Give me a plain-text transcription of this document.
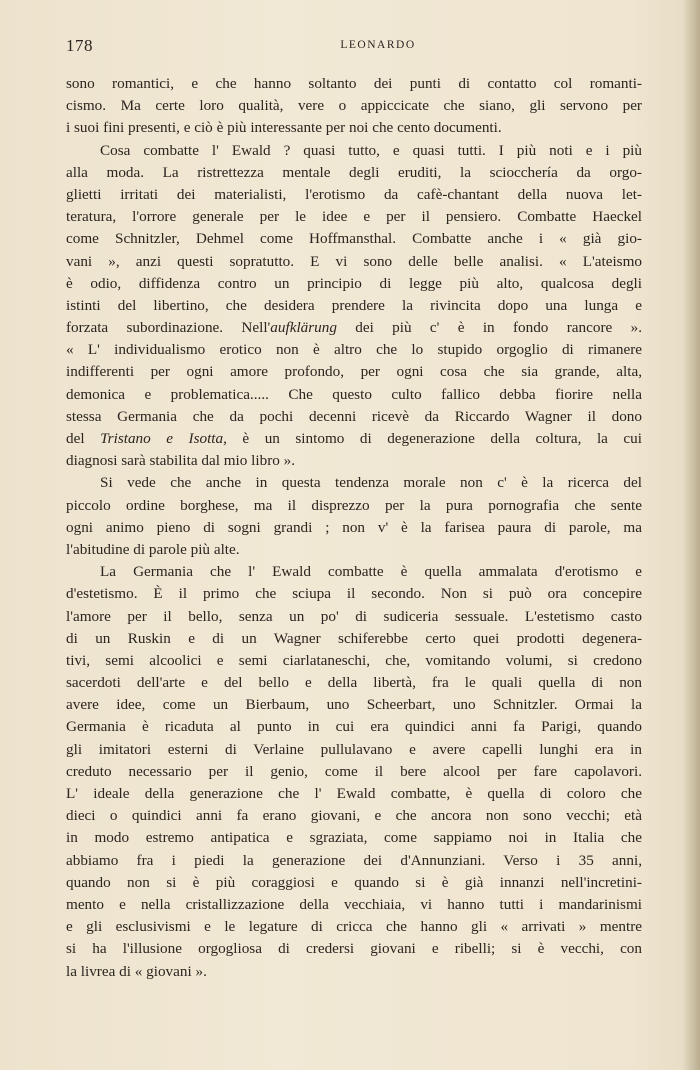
178	LEONARDO
sono romantici, e che hanno soltanto dei punti di contatto col romanti-
cismo. Ma certe loro qualità, vere o appiccicate che siano, gli servono per
i suoi fini presenti, e ciò è più interessante per noi che cento documenti.
Cosa combatte l' Ewald ? quasi tutto, e quasi tutti. I più noti e i più
alla moda. La ristrettezza mentale degli eruditi, la sciocchería da orgo-
glietti irritati dei materialisti, l'erotismo da cafè-chantant della nuova let-
teratura, l'orrore generale per le idee e per il pensiero. Combatte Haeckel
come Schnitzler, Dehmel come Hoffmansthal. Combatte anche i « già gio-
vani », anzi questi sopratutto. E vi sono delle belle analisi. « L'ateismo
è odio, diffidenza contro un principio di legge più alto, qualcosa degli
istinti del libertino, che desidera prendere la rivincita dopo una lunga e
forzata subordinazione. Nell'aufklärung dei più c' è in fondo rancore ».
« L' individualismo erotico non è altro che lo stupido orgoglio di rimanere
indifferenti per ogni amore profondo, per ogni cosa che sia grande, alta,
demonica e problematica..... Che questo culto fallico debba fiorire nella
stessa Germania che da pochi decenni ricevè da Riccardo Wagner il dono
del Tristano e Isotta, è un sintomo di degenerazione della coltura, la cui
diagnosi sarà stabilita dal mio libro ».
Si vede che anche in questa tendenza morale non c' è la ricerca del
piccolo ordine borghese, ma il disprezzo per la pura pornografia che sente
ogni animo pieno di sogni grandi ; non v' è la farisea paura di parole, ma
l'abitudine di parole più alte.
La Germania che l' Ewald combatte è quella ammalata d'erotismo e
d'estetismo. È il primo che sciupa il secondo. Non si può ora concepire
l'amore per il bello, senza un po' di sudiceria sessuale. L'estetismo casto
di un Ruskin e di un Wagner schiferebbe certo quei prodotti degenera-
tivi, semi alcoolici e semi ciarlataneschi, che, vomitando volumi, si credono
sacerdoti dell'arte e del bello e della libertà, fra le quali quella di non
avere idee, come un Bierbaum, uno Scheerbart, uno Schnitzler. Ormai la
Germania è ricaduta al punto in cui era quindici anni fa Parigi, quando
gli imitatori esterni di Verlaine pullulavano e avere capelli lunghi era in
creduto necessario per il genio, come il bere alcool per fare capolavori.
L' ideale della generazione che l' Ewald combatte, è quella di coloro che
dieci o quindici anni fa erano giovani, e che ancora non sono vecchi; età
in modo estremo antipatica e sgraziata, come sappiamo noi in Italia che
abbiamo fra i piedi la generazione dei d'Annunziani. Verso i 35 anni,
quando non si è più coraggiosi e quando si è già innanzi nell'incretini-
mento e nella cristallizzazione della vecchiaia, vi hanno tutti i mandarinismi
e gli esclusivismi e le legature di cricca che hanno gli « arrivati » mentre
si ha l'illusione orgogliosa di credersi giovani e ribelli; si è vecchi, con
la livrea di « giovani ».
